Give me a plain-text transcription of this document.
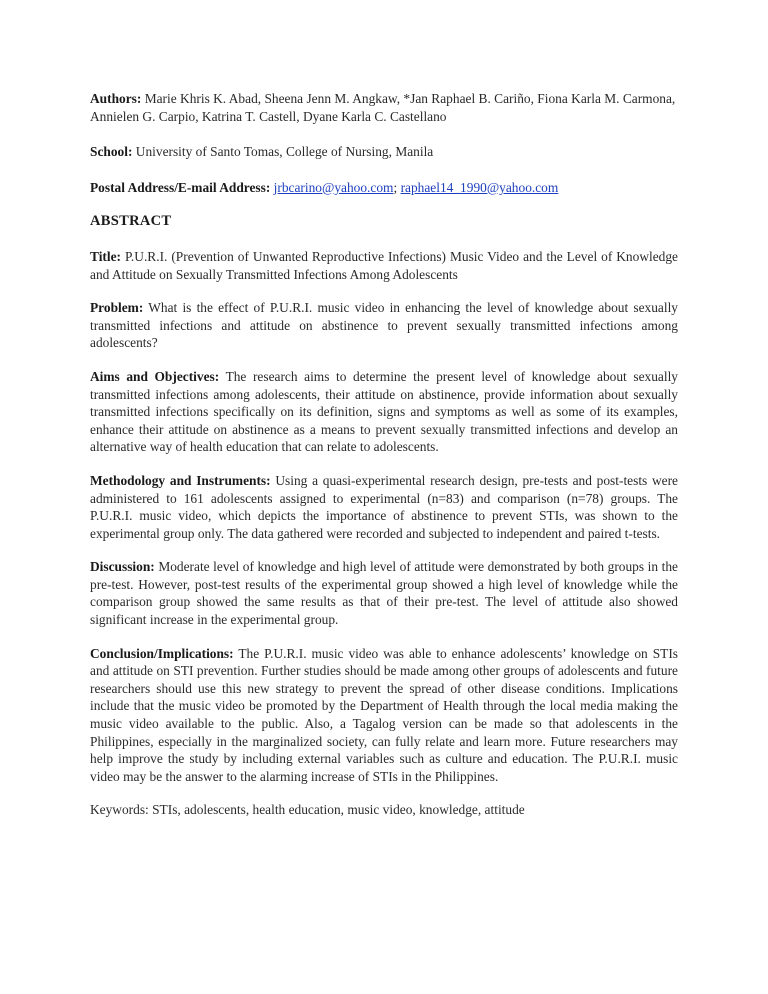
Authors: Marie Khris K. Abad, Sheena Jenn M. Angkaw, *Jan Raphael B. Cariño, Fiona Karla M. Carmona, Annielen G. Carpio, Katrina T. Castell, Dyane Karla C. Castellano

School: University of Santo Tomas, College of Nursing, Manila

Postal Address/E-mail Address: jrbcarino@yahoo.com; raphael14_1990@yahoo.com

ABSTRACT

Title: P.U.R.I. (Prevention of Unwanted Reproductive Infections) Music Video and the Level of Knowledge and Attitude on Sexually Transmitted Infections Among Adolescents

Problem: What is the effect of P.U.R.I. music video in enhancing the level of knowledge about sexually transmitted infections and attitude on abstinence to prevent sexually transmitted infections among adolescents?

Aims and Objectives: The research aims to determine the present level of knowledge about sexually transmitted infections among adolescents, their attitude on abstinence, provide information about sexually transmitted infections specifically on its definition, signs and symptoms as well as some of its examples, enhance their attitude on abstinence as a means to prevent sexually transmitted infections and develop an alternative way of health education that can relate to adolescents.

Methodology and Instruments: Using a quasi-experimental research design, pre-tests and post-tests were administered to 161 adolescents assigned to experimental (n=83) and comparison (n=78) groups. The P.U.R.I. music video, which depicts the importance of abstinence to prevent STIs, was shown to the experimental group only. The data gathered were recorded and subjected to independent and paired t-tests.

Discussion: Moderate level of knowledge and high level of attitude were demonstrated by both groups in the pre-test. However, post-test results of the experimental group showed a high level of knowledge while the comparison group showed the same results as that of their pre-test. The level of attitude also showed significant increase in the experimental group.

Conclusion/Implications: The P.U.R.I. music video was able to enhance adolescents’ knowledge on STIs and attitude on STI prevention. Further studies should be made among other groups of adolescents and future researchers should use this new strategy to prevent the spread of other disease conditions. Implications include that the music video be promoted by the Department of Health through the local media making the music video available to the public. Also, a Tagalog version can be made so that adolescents in the Philippines, especially in the marginalized society, can fully relate and learn more. Future researchers may help improve the study by including external variables such as culture and education. The P.U.R.I. music video may be the answer to the alarming increase of STIs in the Philippines.

Keywords: STIs, adolescents, health education, music video, knowledge, attitude
